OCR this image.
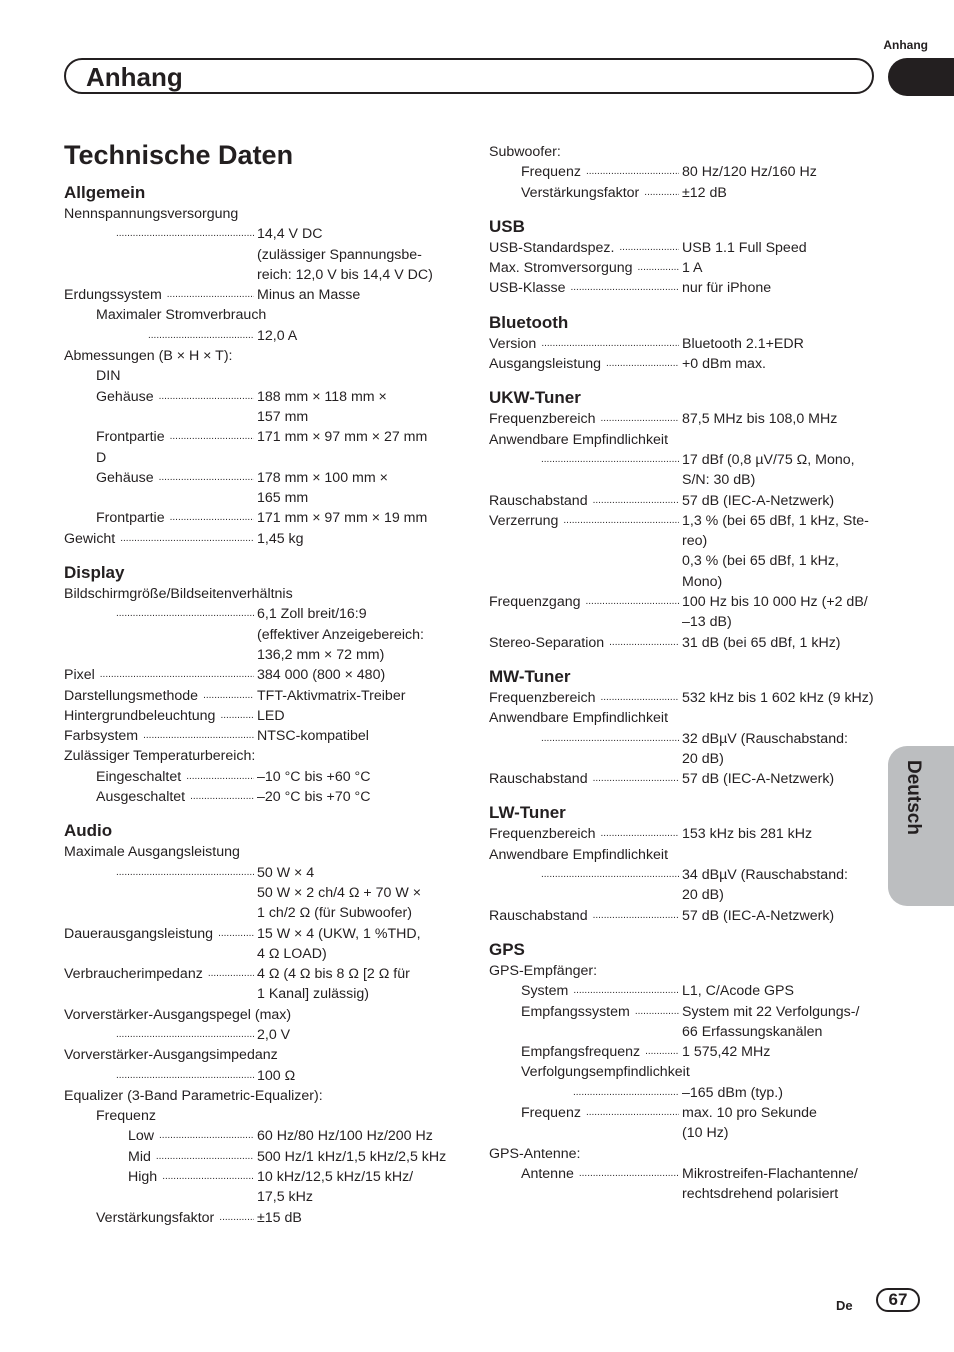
Anhang
Anhang
Technische Daten
Allgemein
Nennspannungsversorgung
.....
14,4 V DC
(zulässiger Spannungsbe-
reich: 12,0 V bis 14,4 V DC)
Erdungssystem .....	Minus an Masse
Maximaler Stromverbrauch
.....
12,0 A
Abmessungen (B × H × T):
DIN
Gehäuse .....	188 mm × 118 mm ×
157 mm
Frontpartie .....	171 mm × 97 mm × 27 mm
D
Gehäuse .....	178 mm × 100 mm ×
165 mm
Frontpartie .....	171 mm × 97 mm × 19 mm
Gewicht .....	1,45 kg
Display
Bildschirmgröße/Bildseitenverhältnis
.....
6,1 Zoll breit/16:9
(effektiver Anzeigebereich:
136,2 mm × 72 mm)
Pixel .....	384 000 (800 × 480)
Darstellungsmethode .....	TFT-Aktivmatrix-Treiber
Hintergrundbeleuchtung .....	LED
Farbsystem .....	NTSC-kompatibel
Zulässiger Temperaturbereich:
Eingeschaltet .....	–10 °C bis +60 °C
Ausgeschaltet .....	–20 °C bis +70 °C
Audio
Maximale Ausgangsleistung
.....
50 W × 4
50 W × 2 ch/4 Ω + 70 W ×
1 ch/2 Ω (für Subwoofer)
Dauerausgangsleistung .....	15 W × 4 (UKW, 1 %THD,
4 Ω LOAD)
Verbraucherimpedanz .....	4 Ω (4 Ω bis 8 Ω [2 Ω für
1 Kanal] zulässig)
Vorverstärker-Ausgangspegel (max)
.....
2,0 V
Vorverstärker-Ausgangsimpedanz
.....
100 Ω
Equalizer (3-Band Parametric-Equalizer):
Frequenz
Low .....	60 Hz/80 Hz/100 Hz/200 Hz
Mid .....	500 Hz/1 kHz/1,5 kHz/2,5 kHz
High .....	10 kHz/12,5 kHz/15 kHz/
17,5 kHz
Verstärkungsfaktor .....	±15 dB
Subwoofer:
Frequenz .....	80 Hz/120 Hz/160 Hz
Verstärkungsfaktor .....	±12 dB
USB
USB-Standardspez. .....	USB 1.1 Full Speed
Max. Stromversorgung .....	1 A
USB-Klasse .....	nur für iPhone
Bluetooth
Version .....	Bluetooth 2.1+EDR
Ausgangsleistung .....	+0 dBm max.
UKW-Tuner
Frequenzbereich .....	87,5 MHz bis 108,0 MHz
Anwendbare Empfindlichkeit
.....
17 dBf (0,8 µV/75 Ω, Mono,
S/N: 30 dB)
Rauschabstand .....	57 dB (IEC-A-Netzwerk)
Verzerrung .....	1,3 % (bei 65 dBf, 1 kHz, Ste-
reo)
0,3 % (bei 65 dBf, 1 kHz,
Mono)
Frequenzgang .....	100 Hz bis 10 000 Hz (+2 dB/
–13 dB)
Stereo-Separation .....	31 dB (bei 65 dBf, 1 kHz)
MW-Tuner
Frequenzbereich .....	532 kHz bis 1 602 kHz (9 kHz)
Anwendbare Empfindlichkeit
.....
32 dBµV (Rauschabstand:
20 dB)
Rauschabstand .....	57 dB (IEC-A-Netzwerk)
LW-Tuner
Frequenzbereich .....	153 kHz bis 281 kHz
Anwendbare Empfindlichkeit
.....
34 dBµV (Rauschabstand:
20 dB)
Rauschabstand .....	57 dB (IEC-A-Netzwerk)
GPS
GPS-Empfänger:
System .....	L1, C/Acode GPS
Empfangssystem .....	System mit 22 Verfolgungs-/
66 Erfassungskanälen
Empfangsfrequenz .....	1 575,42 MHz
Verfolgungsempfindlichkeit
.....
–165 dBm (typ.)
Frequenz .....	max. 10 pro Sekunde
(10 Hz)
GPS-Antenne:
Antenne .....	Mikrostreifen-Flachantenne/
rechtsdrehend polarisiert
Deutsch
De	67
